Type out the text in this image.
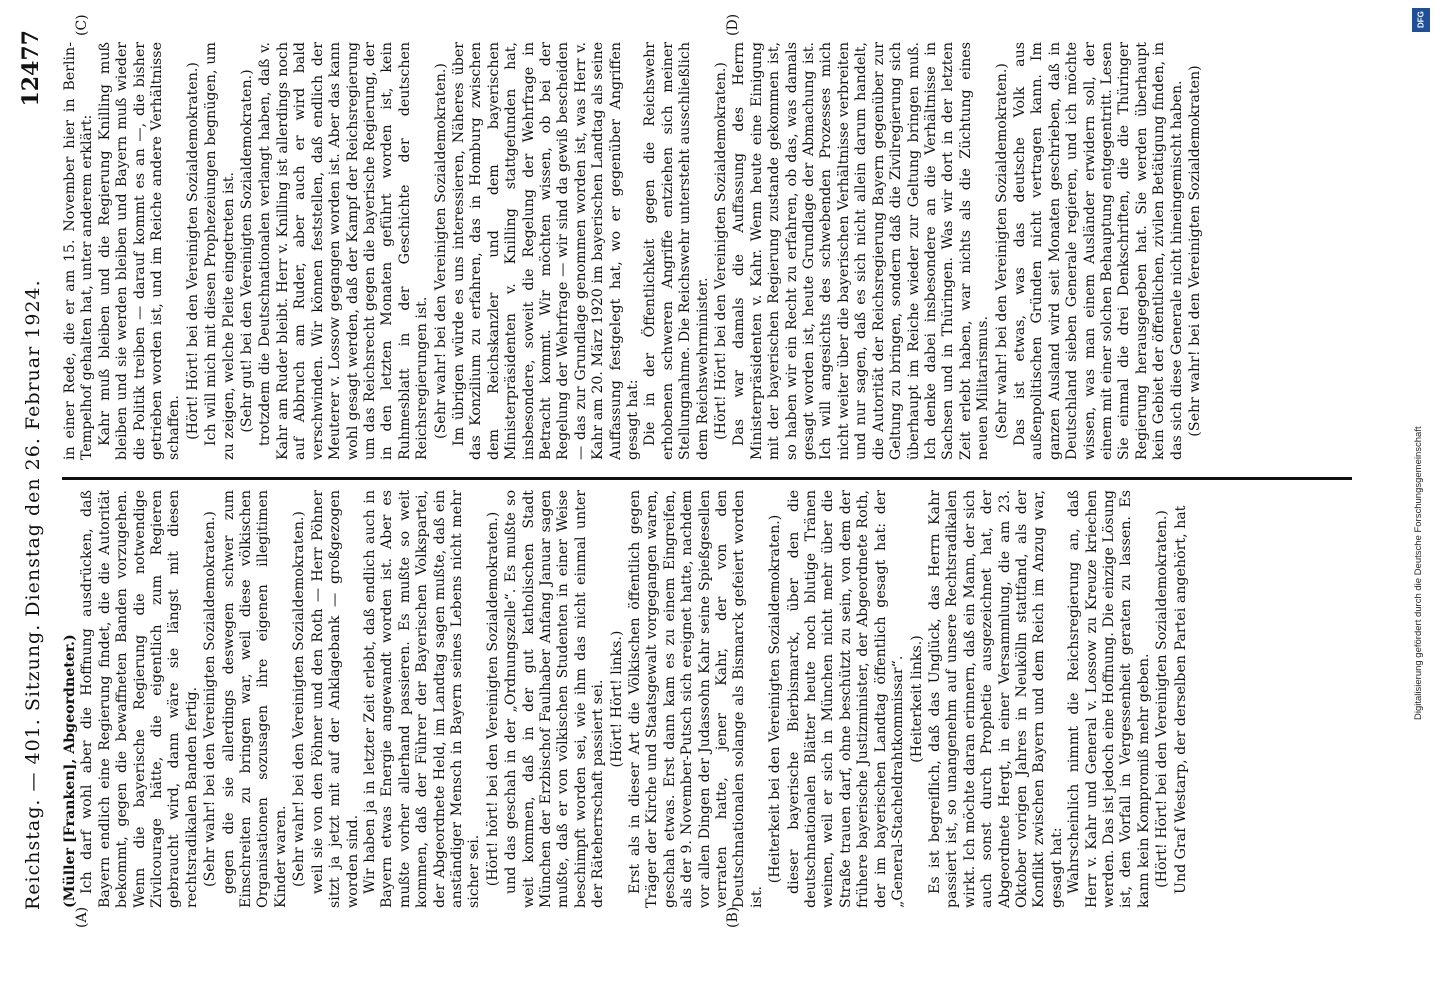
Reichstag. — 401. Sitzung. Dienstag den 26. Februar 1924.
12477
(A)	(B)
(C)	(D)

(Müller [Franken], Abgeordneter.) Ich darf wohl aber die Hoffnung ausdrücken, daß Bayern endlich eine Regierung findet, die die Autorität bekommt, gegen die bewaffneten Banden vorzugehen. Wenn die bayerische Regierung die notwendige Zivilcourage hätte, die eigentlich zum Regieren gebraucht wird, dann wäre sie längst mit diesen rechtsradikalen Banden fertig. (Sehr wahr! bei den Vereinigten Sozialdemokraten.) gegen die sie allerdings deswegen schwer zum Einschreiten zu bringen war, weil diese völkischen Organisationen sozusagen ihre eigenen illegitimen Kinder waren. (Sehr wahr! bei den Vereinigten Sozialdemokraten.) weil sie von den Pöhner und den Roth — Herr Pöhner sitzt ja jetzt mit auf der Anklagebank — großgezogen worden sind. Wir haben ja in letzter Zeit erlebt, daß endlich auch in Bayern etwas Energie angewandt worden ist. Aber es mußte vorher allerhand passieren. Es mußte so weit kommen, daß der Führer der Bayerischen Volkspartei, der Abgeordnete Held, im Landtag sagen mußte, daß ein anständiger Mensch in Bayern seines Lebens nicht mehr sicher sei. (Hört! hört! bei den Vereinigten Sozialdemokraten.) und das geschah in der „Ordnungszelle“. Es mußte so weit kommen, daß in der gut katholischen Stadt München der Erzbischof Faulhaber Anfang Januar sagen mußte, daß er von völkischen Studenten in einer Weise beschimpft worden sei, wie ihm das nicht einmal unter der Räteherrschaft passiert sei. (Hört! Hört! links.) Erst als in dieser Art die Völkischen öffentlich gegen Träger der Kirche und Staatsgewalt vorgegangen waren, geschah etwas. Erst dann kam es zu einem Eingreifen, als der 9. November-Putsch sich ereignet hatte, nachdem vor allen Dingen der Judassohn Kahr seine Spießgesellen verraten hatte, jener Kahr, der von den Deutschnationalen solange als Bismarck gefeiert worden ist.

(Heiterkeit bei den Vereinigten Sozialdemokraten.) dieser bayerische Bierbismarck, über den die deutschnationalen Blätter heute noch blutige Tränen weinen, weil er sich in München nicht mehr über die Straße trauen darf, ohne beschützt zu sein, von dem der frühere bayerische Justizminister, der Abgeordnete Roth, der im bayerischen Landtag öffentlich gesagt hat: der „General-Stacheldrahtkommissar“. (Heiterkeit links.) Es ist begreiflich, daß das Unglück, das Herrn Kahr passiert ist, so unangenehm auf unsere Rechtsradikalen wirkt. Ich möchte daran erinnern, daß ein Mann, der sich auch sonst durch Prophetie ausgezeichnet hat, der Abgeordnete Hergt, in einer Versammlung, die am 23. Oktober vorigen Jahres in Neukölln stattfand, als der Konflikt zwischen Bayern und dem Reich im Anzug war, gesagt hat: Wahrscheinlich nimmt die Reichsregierung an, daß Herr v. Kahr und General v. Lossow zu Kreuze kriechen werden. Das ist jedoch eine Hoffnung. Die einzige Lösung ist, den Vorfall in Vergessenheit geraten zu lassen. Es kann kein Kompromiß mehr geben. (Hört! Hört! bei den Vereinigten Sozialdemokraten.) Und Graf Westarp, der derselben Partei angehört, hat

in einer Rede, die er am 15. November hier in Berlin-Tempelhof gehalten hat, unter anderem erklärt: Kahr muß bleiben und die Regierung Knilling muß bleiben und sie werden bleiben und Bayern muß wieder die Politik treiben — darauf kommt es an —, die bisher getrieben worden ist, und im Reiche andere Verhältnisse schaffen. (Hört! Hört! bei den Vereinigten Sozialdemokraten.) Ich will mich mit diesen Prophezeiungen begnügen, um zu zeigen, welche Pleite eingetreten ist. (Sehr gut! bei den Vereinigten Sozialdemokraten.) trotzdem die Deutschnationalen verlangt haben, daß v. Kahr am Ruder bleibt. Herr v. Knilling ist allerdings noch auf Abbruch am Ruder, aber auch er wird bald verschwinden. Wir können feststellen, daß endlich der Meuterer v. Lossow gegangen worden ist. Aber das kann wohl gesagt werden, daß der Kampf der Reichsregierung um das Reichsrecht gegen die bayerische Regierung, der in den letzten Monaten geführt worden ist, kein Ruhmesblatt in der Geschichte der deutschen Reichsregierungen ist. (Sehr wahr! bei den Vereinigten Sozialdemokraten.) Im übrigen würde es uns interessieren, Näheres über das Konzilium zu erfahren, das in Homburg zwischen dem Reichskanzler und dem bayerischen Ministerpräsidenten v. Knilling stattgefunden hat, insbesondere, soweit die Regelung der Wehrfrage in Betracht kommt. Wir möchten wissen, ob bei der Regelung der Wehrfrage — wir sind da gewiß bescheiden — das zur Grundlage genommen worden ist, was Herr v. Kahr am 20. März 1920 im bayerischen Landtag als seine Auffassung festgelegt hat, wo er gegenüber Angriffen gesagt hat: Die in der Öffentlichkeit gegen die Reichswehr erhobenen schweren Angriffe entziehen sich meiner Stellungnahme. Die Reichswehr untersteht ausschließlich dem Reichswehrminister. (Hört! Hört! bei den Vereinigten Sozialdemokraten.) Das war damals die Auffassung des Herrn Ministerpräsidenten v. Kahr. Wenn heute eine Einigung mit der bayerischen Regierung zustande gekommen ist, so haben wir ein Recht zu erfahren, ob das, was damals gesagt worden ist, heute Grundlage der Abmachung ist. Ich will angesichts des schwebenden Prozesses mich nicht weiter über die bayerischen Verhältnisse verbreiten und nur sagen, daß es sich nicht allein darum handelt, die Autorität der Reichsregierung Bayern gegenüber zur Geltung zu bringen, sondern daß die Zivilregierung sich überhaupt im Reiche wieder zur Geltung bringen muß. Ich denke dabei insbesondere an die Verhältnisse in Sachsen und in Thüringen. Was wir dort in der letzten Zeit erlebt haben, war nichts als die Züchtung eines neuen Militarismus. (Sehr wahr! bei den Vereinigten Sozialdemokraten.) Das ist etwas, was das deutsche Volk aus außenpolitischen Gründen nicht vertragen kann. Im ganzen Ausland wird seit Monaten geschrieben, daß in Deutschland sieben Generale regieren, und ich möchte wissen, was man einem Ausländer erwidern soll, der einem mit einer solchen Behauptung entgegentritt. Lesen Sie einmal die drei Denkschriften, die die Thüringer Regierung herausgegeben hat. Sie werden überhaupt kein Gebiet der öffentlichen, zivilen Betätigung finden, in das sich diese Generale nicht hineingemischt haben. (Sehr wahr! bei den Vereinigten Sozialdemokraten)

Digitalisierung gefördert durch die Deutsche Forschungsgemeinschaft
DFG
